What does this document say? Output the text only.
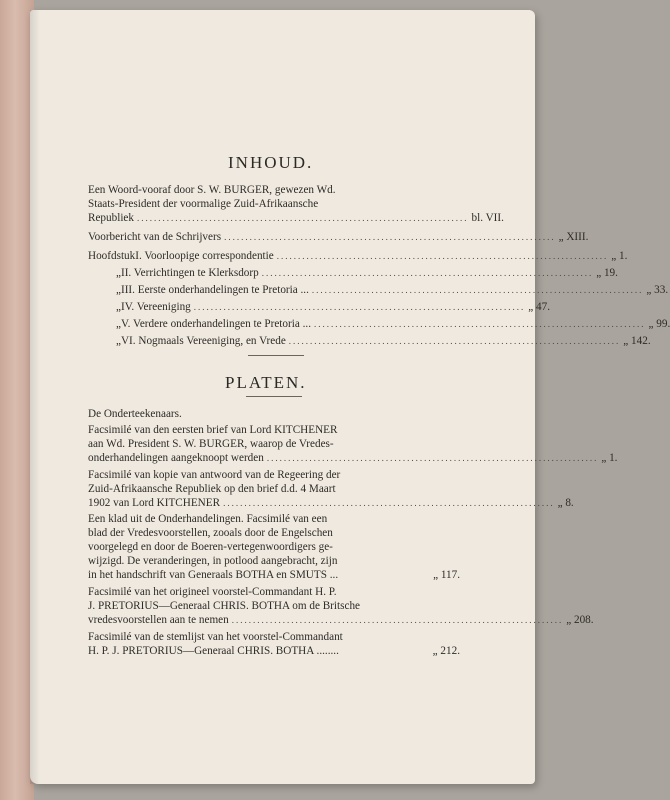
INHOUD.
Een Woord-vooraf door S. W. BURGER, gewezen Wd.
Staats-President der voormalige Zuid-Afrikaansche
Republiek .............................................................................. bl. VII.
Voorbericht van de Schrijvers .............................................................................. „ XIII.
Hoofdstuk I. Voorloopige correspondentie .............................................................................. „ 1.
„ II. Verrichtingen te Klerksdorp .............................................................................. „ 19.
„ III. Eerste onderhandelingen te Pretoria ... .............................................................................. „ 33.
„ IV. Vereeniging .............................................................................. „ 47.
„ V. Verdere onderhandelingen te Pretoria ... .............................................................................. „ 99.
„ VI. Nogmaals Vereeniging, en Vrede .............................................................................. „ 142.
PLATEN.
De Onderteekenaars.
Facsimilé van den eersten brief van Lord KITCHENER
aan Wd. President S. W. BURGER, waarop de Vredes-
onderhandelingen aangeknoopt werden .............................................................................. „ 1.
Facsimilé van kopie van antwoord van de Regeering der
Zuid-Afrikaansche Republiek op den brief d.d. 4 Maart
1902 van Lord KITCHENER .............................................................................. „ 8.
Een klad uit de Onderhandelingen. Facsimilé van een
blad der Vredesvoorstellen, zooals door de Engelschen
voorgelegd en door de Boeren-vertegenwoordigers ge-
wijzigd. De veranderingen, in potlood aangebracht, zijn
in het handschrift van Generaals BOTHA en SMUTS ...	„ 117.
Facsimilé van het origineel voorstel-Commandant H. P.
J. PRETORIUS—Generaal CHRIS. BOTHA om de Britsche
vredesvoorstellen aan te nemen .............................................................................. „ 208.
Facsimilé van de stemlijst van het voorstel-Commandant
H. P. J. PRETORIUS—Generaal CHRIS. BOTHA ........	„ 212.
